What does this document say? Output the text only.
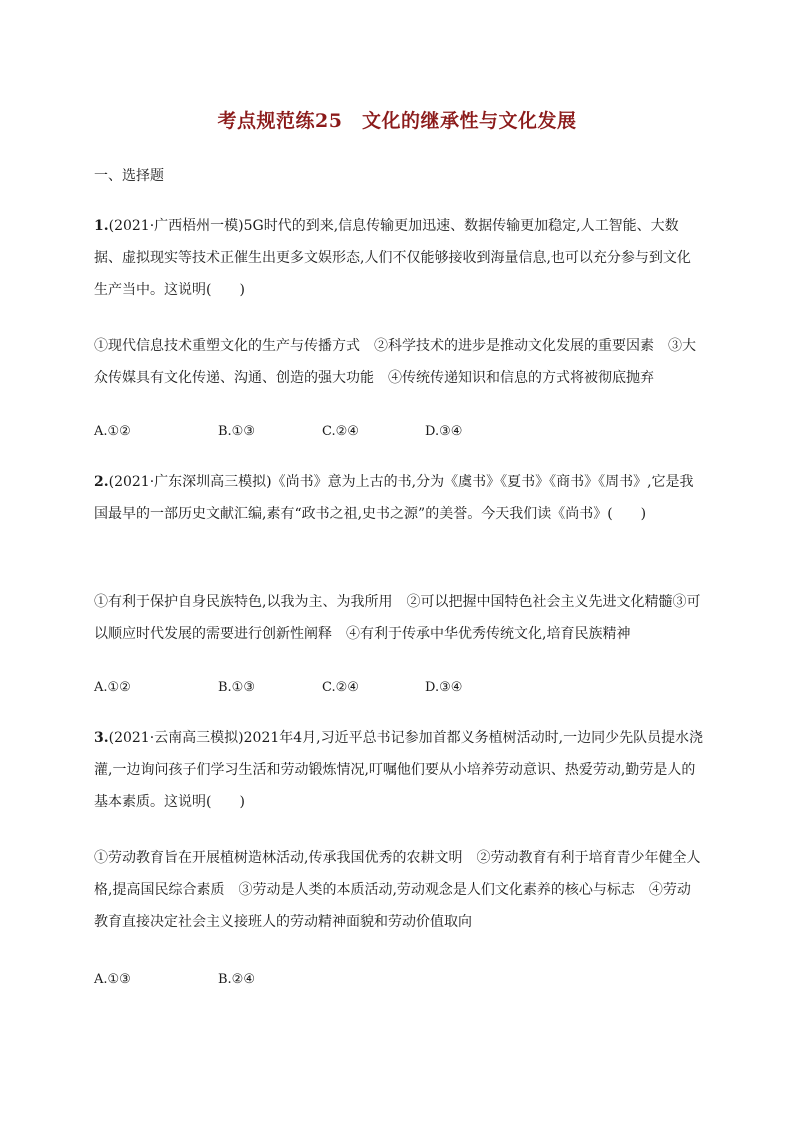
考点规范练25　文化的继承性与文化发展
一、选择题
1.(2021·广西梧州一模)5G时代的到来,信息传输更加迅速、数据传输更加稳定,人工智能、大数据、虚拟现实等技术正催生出更多文娱形态,人们不仅能够接收到海量信息,也可以充分参与到文化生产当中。这说明(　　)
①现代信息技术重塑文化的生产与传播方式　②科学技术的进步是推动文化发展的重要因素　③大众传媒具有文化传递、沟通、创造的强大功能　④传统传递知识和信息的方式将被彻底抛弃
A.①②	B.①③	C.②④	D.③④
2.(2021·广东深圳高三模拟)《尚书》意为上古的书,分为《虞书》《夏书》《商书》《周书》,它是我国最早的一部历史文献汇编,素有“政书之祖,史书之源”的美誉。今天我们读《尚书》(　　)
①有利于保护自身民族特色,以我为主、为我所用　②可以把握中国特色社会主义先进文化精髓③可以顺应时代发展的需要进行创新性阐释　④有利于传承中华优秀传统文化,培育民族精神
A.①②	B.①③	C.②④	D.③④
3.(2021·云南高三模拟)2021年4月,习近平总书记参加首都义务植树活动时,一边同少先队员提水浇灌,一边询问孩子们学习生活和劳动锻炼情况,叮嘱他们要从小培养劳动意识、热爱劳动,勤劳是人的基本素质。这说明(　　)
①劳动教育旨在开展植树造林活动,传承我国优秀的农耕文明　②劳动教育有利于培育青少年健全人格,提高国民综合素质　③劳动是人类的本质活动,劳动观念是人们文化素养的核心与标志　④劳动教育直接决定社会主义接班人的劳动精神面貌和劳动价值取向
A.①③	B.②④
